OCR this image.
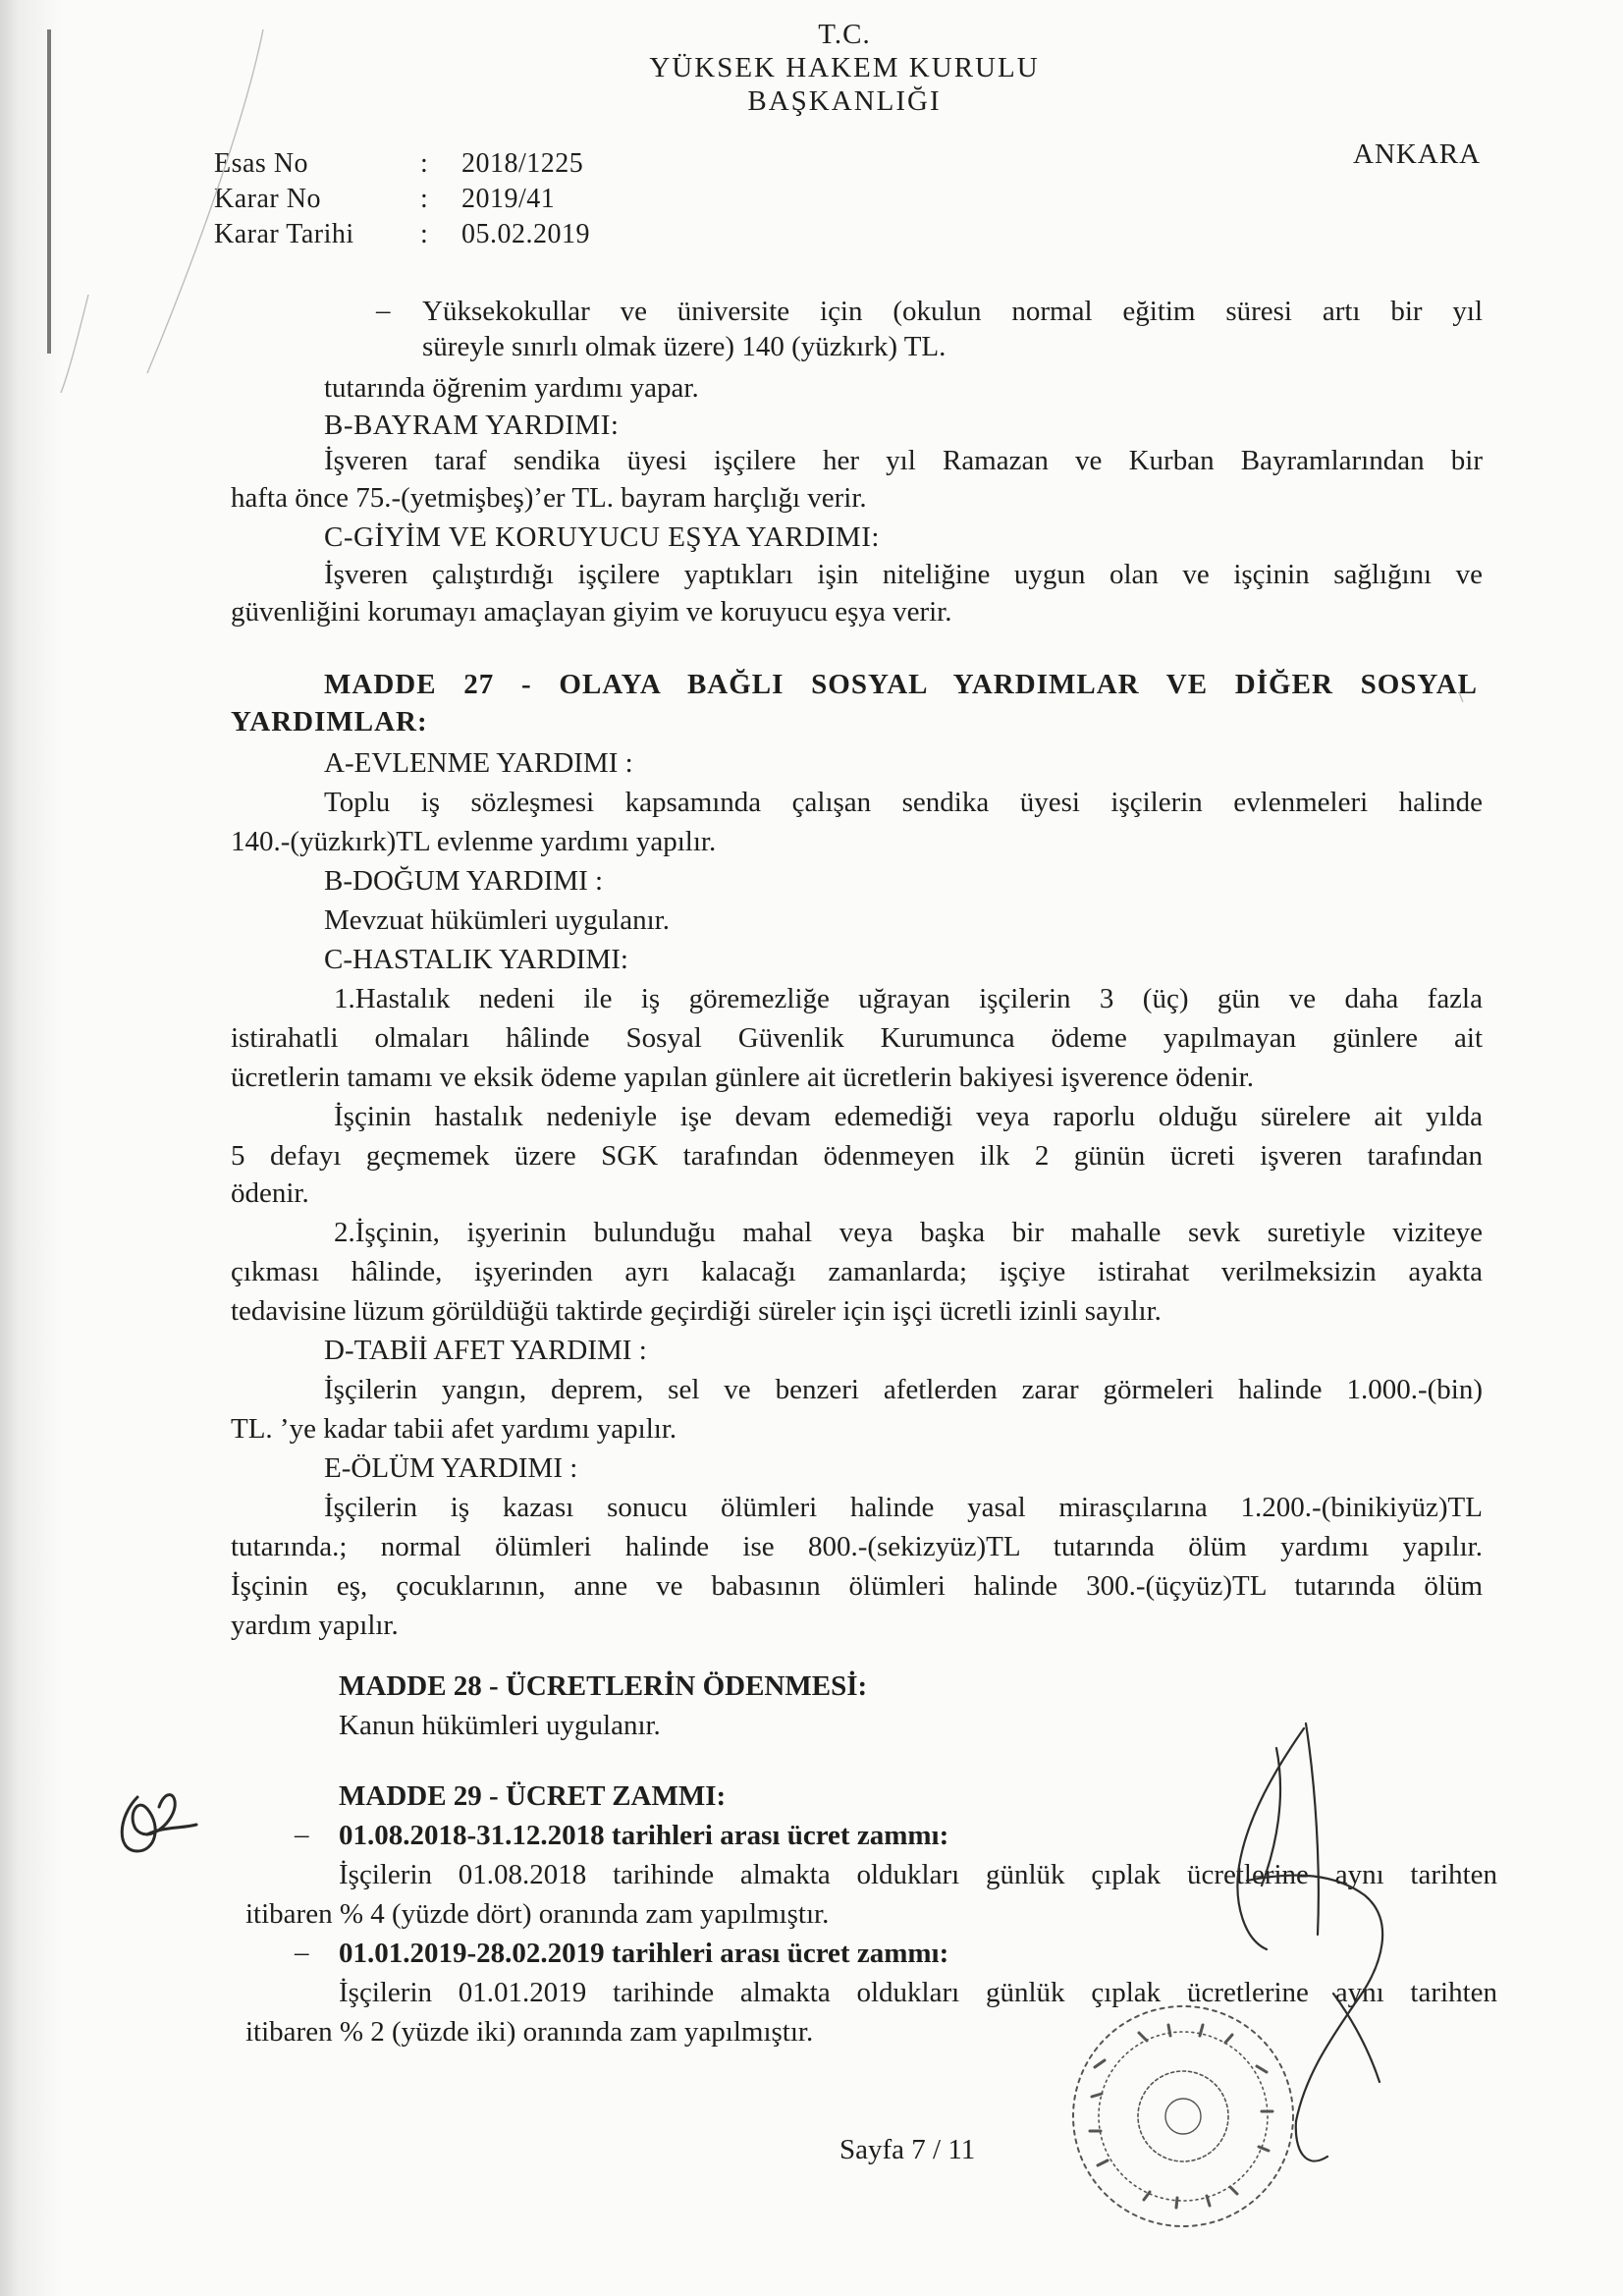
T.C.
YÜKSEK HAKEM KURULU
BAŞKANLIĞI
ANKARA
Esas No	: 2018/1225
Karar No	: 2019/41
Karar Tarihi : 05.02.2019
– Yüksekokullar ve üniversite için (okulun normal eğitim süresi artı bir yıl
süreyle sınırlı olmak üzere) 140 (yüzkırk) TL.
tutarında öğrenim yardımı yapar.
B-BAYRAM YARDIMI:
İşveren taraf sendika üyesi işçilere her yıl Ramazan ve Kurban Bayramlarından bir
hafta önce 75.-(yetmişbeş)’er TL. bayram harçlığı verir.
C-GİYİM VE KORUYUCU EŞYA YARDIMI:
İşveren çalıştırdığı işçilere yaptıkları işin niteliğine uygun olan ve işçinin sağlığını ve
güvenliğini korumayı amaçlayan giyim ve koruyucu eşya verir.
MADDE 27 - OLAYA BAĞLI SOSYAL YARDIMLAR VE DİĞER SOSYAL
YARDIMLAR:
A-EVLENME YARDIMI :
Toplu iş sözleşmesi kapsamında çalışan sendika üyesi işçilerin evlenmeleri halinde
140.-(yüzkırk)TL evlenme yardımı yapılır.
B-DOĞUM YARDIMI :
Mevzuat hükümleri uygulanır.
C-HASTALIK YARDIMI:
1.Hastalık nedeni ile iş göremezliğe uğrayan işçilerin 3 (üç) gün ve daha fazla
istirahatli olmaları hâlinde Sosyal Güvenlik Kurumunca ödeme yapılmayan günlere ait
ücretlerin tamamı ve eksik ödeme yapılan günlere ait ücretlerin bakiyesi işverence ödenir.
İşçinin hastalık nedeniyle işe devam edemediği veya raporlu olduğu sürelere ait yılda
5 defayı geçmemek üzere SGK tarafından ödenmeyen ilk 2 günün ücreti işveren tarafından
ödenir.
2.İşçinin, işyerinin bulunduğu mahal veya başka bir mahalle sevk suretiyle viziteye
çıkması hâlinde, işyerinden ayrı kalacağı zamanlarda; işçiye istirahat verilmeksizin ayakta
tedavisine lüzum görüldüğü taktirde geçirdiği süreler için işçi ücretli izinli sayılır.
D-TABİİ AFET YARDIMI :
İşçilerin yangın, deprem, sel ve benzeri afetlerden zarar görmeleri halinde 1.000.-(bin)
TL. ’ye kadar tabii afet yardımı yapılır.
E-ÖLÜM YARDIMI :
İşçilerin iş kazası sonucu ölümleri halinde yasal mirasçılarına 1.200.-(binikiyüz)TL
tutarında.; normal ölümleri halinde ise 800.-(sekizyüz)TL tutarında ölüm yardımı yapılır.
İşçinin eş, çocuklarının, anne ve babasının ölümleri halinde 300.-(üçyüz)TL tutarında ölüm
yardım yapılır.
MADDE 28 - ÜCRETLERİN ÖDENMESİ:
Kanun hükümleri uygulanır.
MADDE 29 - ÜCRET ZAMMI:
– 01.08.2018-31.12.2018 tarihleri arası ücret zammı:
İşçilerin 01.08.2018 tarihinde almakta oldukları günlük çıplak ücretlerine aynı tarihten
itibaren % 4 (yüzde dört) oranında zam yapılmıştır.
– 01.01.2019-28.02.2019 tarihleri arası ücret zammı:
İşçilerin 01.01.2019 tarihinde almakta oldukları günlük çıplak ücretlerine aynı tarihten
itibaren % 2 (yüzde iki) oranında zam yapılmıştır.
Sayfa 7 / 11
